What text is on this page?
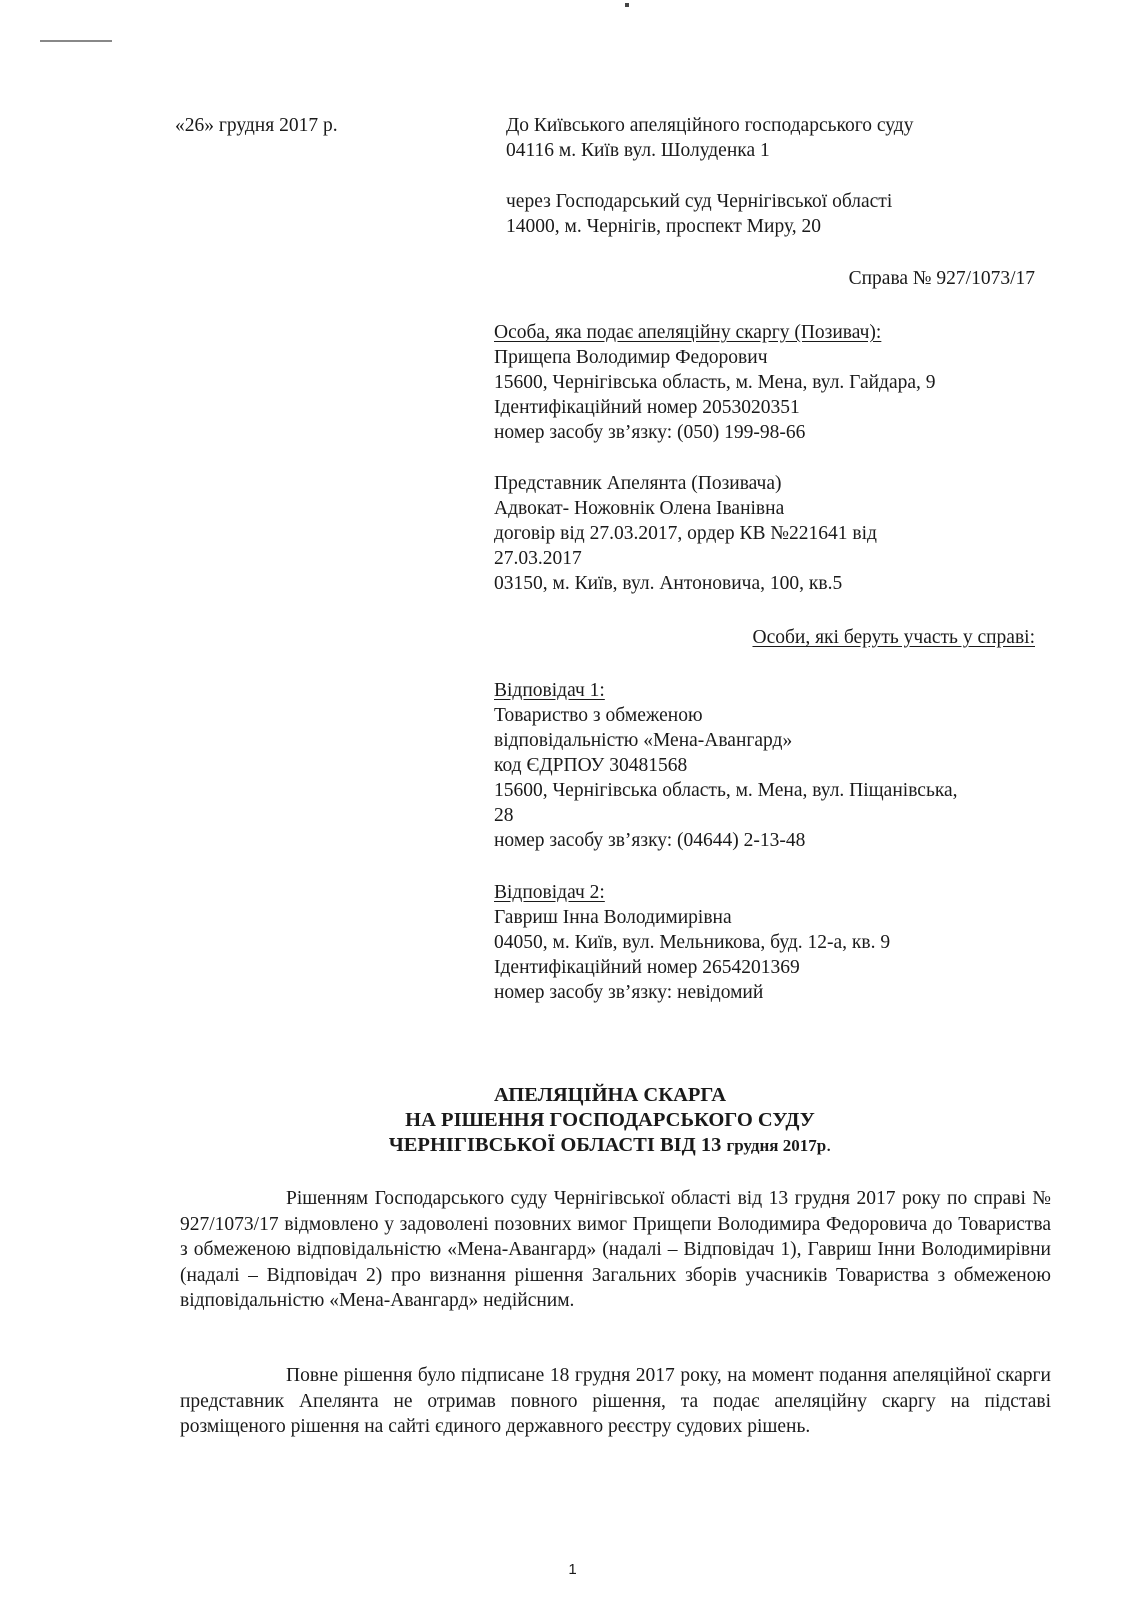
«26» грудня 2017 р.	До Київського апеляційного господарського суду
04116 м. Київ вул. Шолуденка 1
через Господарський суд Чернігівської області
14000, м. Чернігів, проспект Миру, 20
Справа № 927/1073/17
Особа, яка подає апеляційну скаргу (Позивач):
Прищепа Володимир Федорович
15600, Чернігівська область, м. Мена, вул. Гайдара, 9
Ідентифікаційний номер 2053020351
номер засобу зв’язку: (050) 199-98-66
Представник Апелянта (Позивача)
Адвокат- Ножовнік Олена Іванівна
договір від 27.03.2017, ордер КВ №221641 від
27.03.2017
03150, м. Київ, вул. Антоновича, 100, кв.5
Особи, які беруть участь у справі:
Відповідач 1:
Товариство з обмеженою
відповідальністю «Мена-Авангард»
код ЄДРПОУ 30481568
15600, Чернігівська область, м. Мена, вул. Піщанівська,
28
номер засобу зв’язку: (04644) 2-13-48
Відповідач 2:
Гавриш Інна Володимирівна
04050, м. Київ, вул. Мельникова, буд. 12-а, кв. 9
Ідентифікаційний номер 2654201369
номер засобу зв’язку: невідомий
АПЕЛЯЦІЙНА СКАРГА
НА РІШЕННЯ ГОСПОДАРСЬКОГО СУДУ
ЧЕРНІГІВСЬКОЇ ОБЛАСТІ ВІД 13 грудня 2017р.

Рішенням Господарського суду Чернігівської області від 13 грудня 2017 року по справі № 927/1073/17 відмовлено у задоволені позовних вимог Прищепи Володимира Федоровича до Товариства з обмеженою відповідальністю «Мена-Авангард» (надалі – Відповідач 1), Гавриш Інни Володимирівни (надалі – Відповідач 2) про визнання рішення Загальних зборів учасників Товариства з обмеженою відповідальністю «Мена-Авангард» недійсним.

Повне рішення було підписане 18 грудня 2017 року, на момент подання апеляційної скарги представник Апелянта не отримав повного рішення, та подає апеляційну скаргу на підставі розміщеного рішення на сайті єдиного державного реєстру судових рішень.

1
